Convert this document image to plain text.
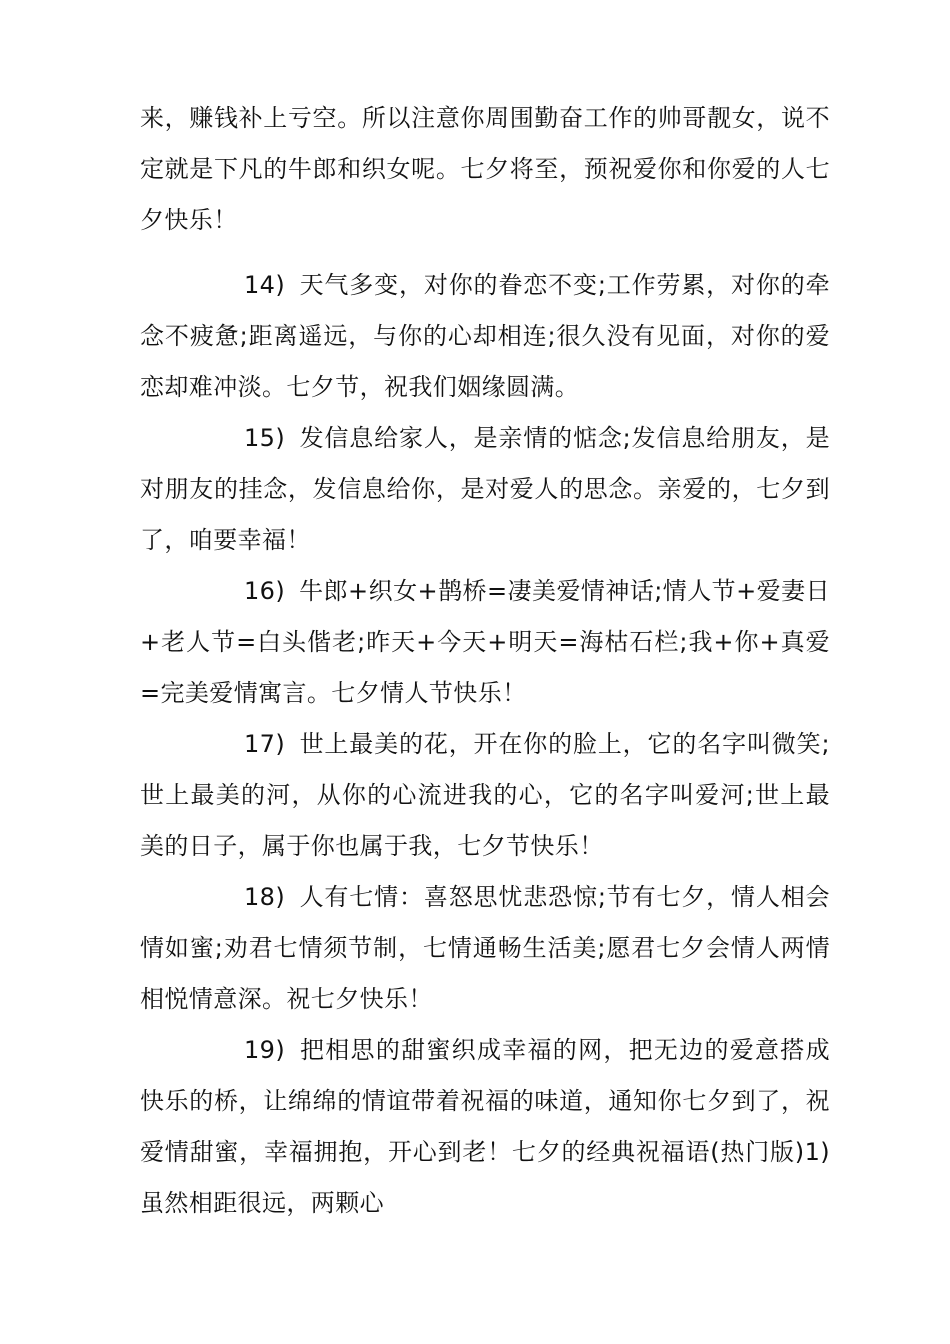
来，赚钱补上亏空。所以注意你周围勤奋工作的帅哥靓女，说不定就是下凡的牛郎和织女呢。七夕将至，预祝爱你和你爱的人七夕快乐！

14) 天气多变，对你的眷恋不变;工作劳累，对你的牵念不疲惫;距离遥远，与你的心却相连;很久没有见面，对你的爱恋却难冲淡。七夕节，祝我们姻缘圆满。

15) 发信息给家人，是亲情的惦念;发信息给朋友，是对朋友的挂念，发信息给你，是对爱人的思念。亲爱的，七夕到了，咱要幸福！

16) 牛郎+织女+鹊桥=凄美爱情神话;情人节+爱妻日+老人节=白头偕老;昨天+今天+明天=海枯石栏;我+你+真爱=完美爱情寓言。七夕情人节快乐！

17) 世上最美的花，开在你的脸上，它的名字叫微笑;世上最美的河，从你的心流进我的心，它的名字叫爱河;世上最美的日子，属于你也属于我，七夕节快乐！

18) 人有七情：喜怒思忧悲恐惊;节有七夕，情人相会情如蜜;劝君七情须节制，七情通畅生活美;愿君七夕会情人两情相悦情意深。祝七夕快乐！

19) 把相思的甜蜜织成幸福的网，把无边的爱意搭成快乐的桥，让绵绵的情谊带着祝福的味道，通知你七夕到了，祝爱情甜蜜，幸福拥抱，开心到老！七夕的经典祝福语(热门版)1)虽然相距很远，两颗心
